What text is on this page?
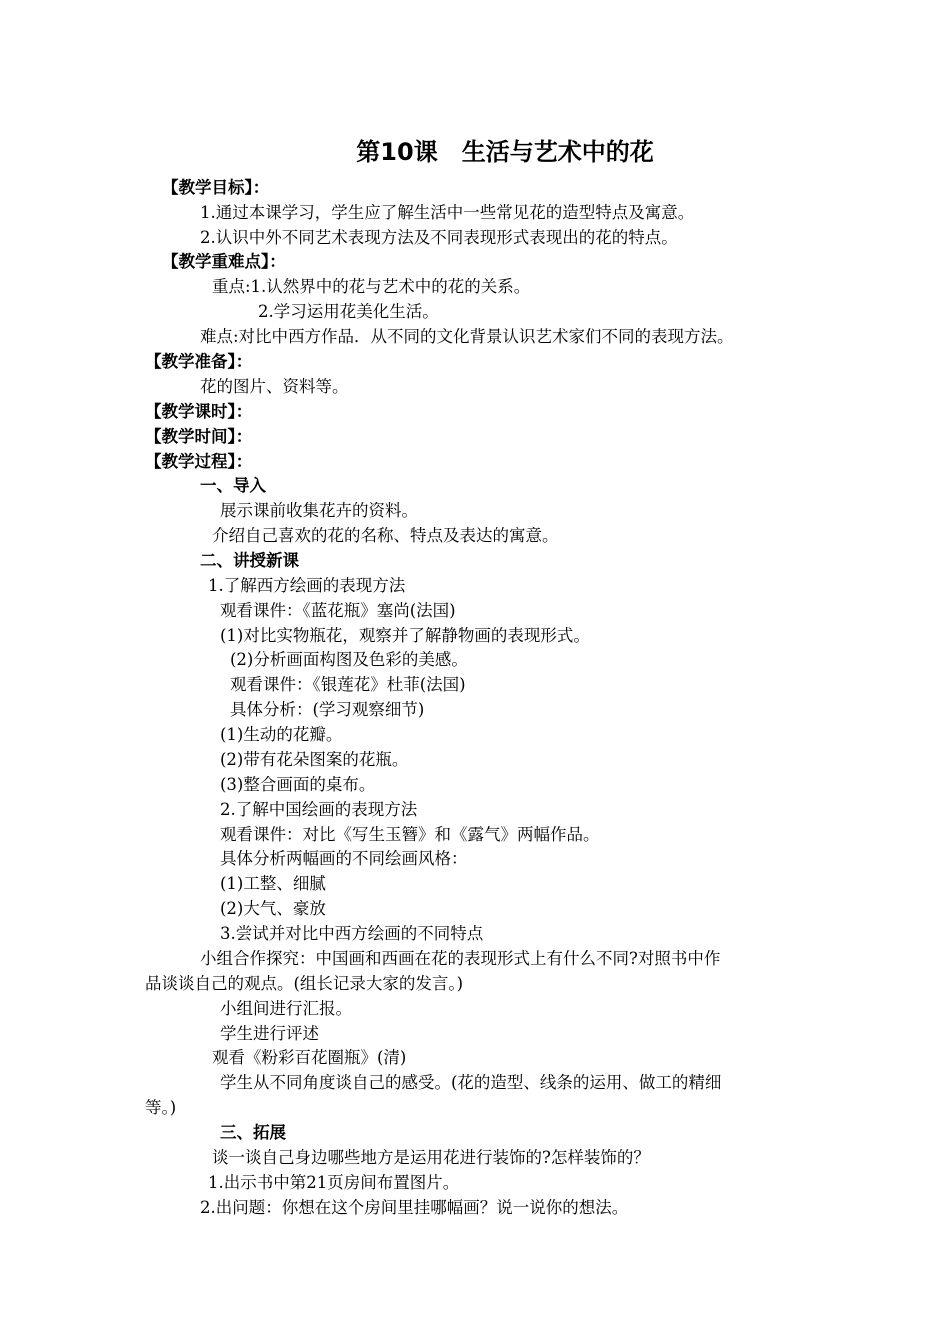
第10课　生活与艺术中的花
【教学目标】：
1.通过本课学习，学生应了解生活中一些常见花的造型特点及寓意。
2.认识中外不同艺术表现方法及不同表现形式表现出的花的特点。
【教学重难点】：
重点:1.认然界中的花与艺术中的花的关系。
2.学习运用花美化生活。
难点:对比中西方作品．从不同的文化背景认识艺术家们不同的表现方法。
【教学准备】：
花的图片、资料等。
【教学课时】：
【教学时间】：
【教学过程】：
一、导入
展示课前收集花卉的资料。
介绍自己喜欢的花的名称、特点及表达的寓意。
二、讲授新课
1.了解西方绘画的表现方法
观看课件：《蓝花瓶》塞尚(法国)
(1)对比实物瓶花，观察并了解静物画的表现形式。
(2)分析画面构图及色彩的美感。
观看课件：《银莲花》杜菲(法国)
具体分析：(学习观察细节)
(1)生动的花瓣。
(2)带有花朵图案的花瓶。
(3)整合画面的桌布。
2.了解中国绘画的表现方法
观看课件：对比《写生玉簪》和《露气》两幅作品。
具体分析两幅画的不同绘画风格：
(1)工整、细腻
(2)大气、豪放
3.尝试并对比中西方绘画的不同特点
小组合作探究：中国画和西画在花的表现形式上有什么不同?对照书中作
品谈谈自己的观点。(组长记录大家的发言。)
小组间进行汇报。
学生进行评述
观看《粉彩百花圈瓶》(清)
学生从不同角度谈自己的感受。(花的造型、线条的运用、做工的精细
等。)
三、拓展
谈一谈自己身边哪些地方是运用花进行装饰的?怎样装饰的？
1.出示书中第21页房间布置图片。
2.出问题：你想在这个房间里挂哪幅画？说一说你的想法。
